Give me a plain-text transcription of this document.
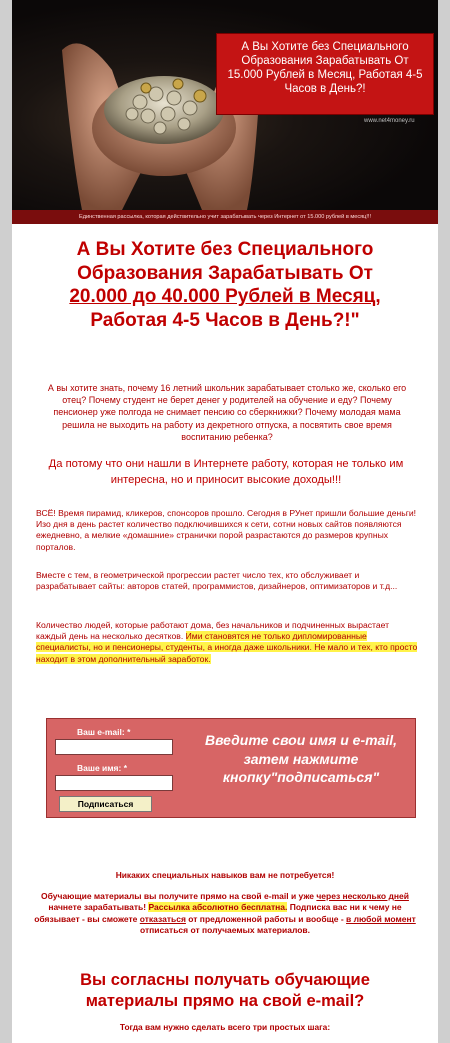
А Вы Хотите без Специального Образования Зарабатывать От 15.000 Рублей в Месяц, Работая 4-5 Часов в День?!
www.net4money.ru
Единственная рассылка, которая действительно учит зарабатывать через Интернет от 15.000 рублей в месяц!!!
А Вы Хотите без Специального
Образования Зарабатывать От
20.000 до 40.000 Рублей в Месяц,
Работая 4-5 Часов в День?!"
А вы хотите знать, почему 16 летний школьник зарабатывает столько же, сколько его отец? Почему студент не берет денег у родителей на обучение и еду? Почему пенсионер уже полгода не снимает пенсию со сберкнижки? Почему молодая мама решила не выходить на работу из декретного отпуска, а посвятить свое время воспитанию ребенка?
Да потому что они нашли в Интернете работу, которая не только им интересна, но и приносит высокие доходы!!!
ВСЁ! Время пирамид, кликеров, спонсоров прошло. Сегодня в РУнет пришли большие деньги! Изо дня в день растет количество подключившихся к сети, сотни новых сайтов появляются ежедневно, а мелкие «домашние» странички порой разрастаются до размеров крупных порталов.
Вместе с тем, в геометрической прогрессии растет число тех, кто обслуживает и разрабатывает сайты: авторов статей, программистов, дизайнеров, оптимизаторов и т.д...
Количество людей, которые работают дома, без начальников и подчиненных вырастает каждый день на несколько десятков. Ими становятся не только дипломированные специалисты, но и пенсионеры, студенты, а иногда даже школьники. Не мало и тех, кто просто находит в этом дополнительный заработок.
Ваш e-mail: *
Ваше имя: *
Подписаться
Введите свои имя и e-mail, затем нажмите кнопку"подписаться"
Никаких специальных навыков вам не потребуется!
Обучающие материалы вы получите прямо на свой e-mail и уже через несколько дней начнете зарабатывать! Рассылка абсолютно бесплатна. Подписка вас ни к чему не обязывает - вы сможете отказаться от предложенной работы и вообще - в любой момент отписаться от получаемых материалов.
Вы согласны получать обучающие
материалы прямо на свой e-mail?
Тогда вам нужно сделать всего три простых шага:
